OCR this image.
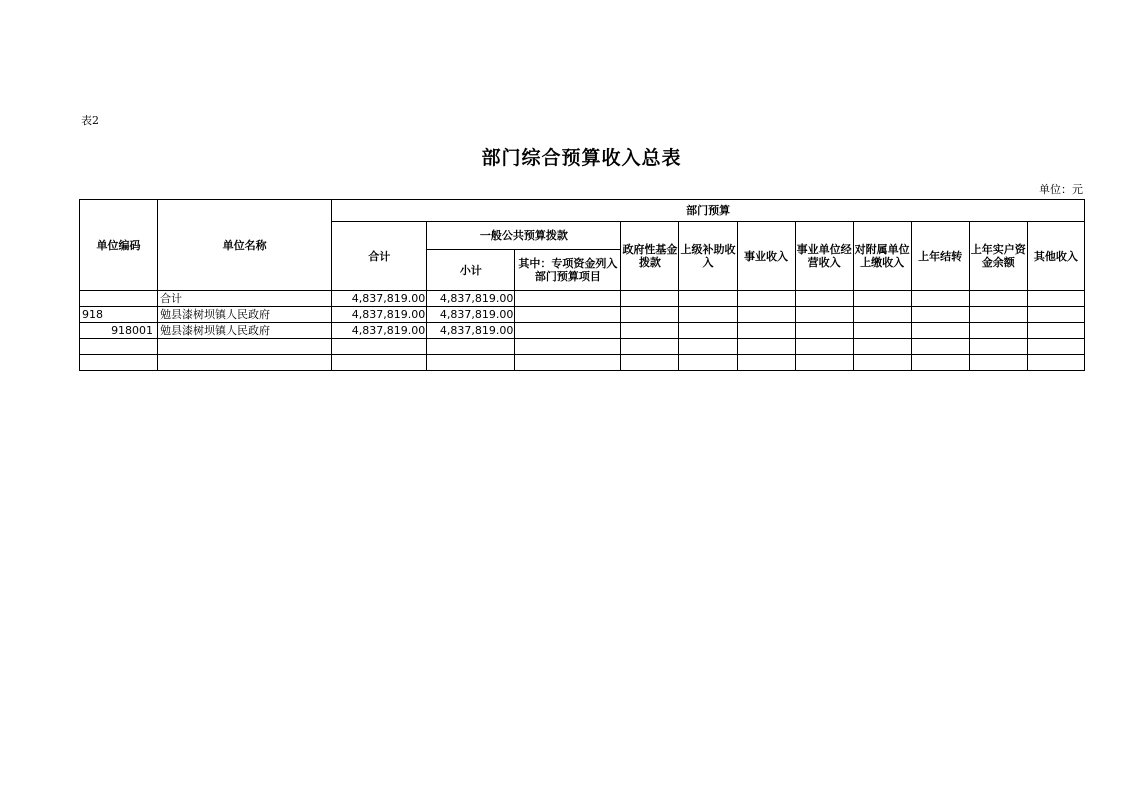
表2
部门综合预算收入总表
单位：元
单位编码	单位名称	部门预算										
		合计	一般公共预算拨款		政府性基金拨款	上级补助收入	事业收入	事业单位经营收入	对附属单位上缴收入	上年结转	上年实户资金余额	其他收入
			小计	其中：专项资金列入部门预算项目								
	合计	4,837,819.00	4,837,819.00									
918	勉县漆树坝镇人民政府	4,837,819.00	4,837,819.00									
918001	勉县漆树坝镇人民政府	4,837,819.00	4,837,819.00									
